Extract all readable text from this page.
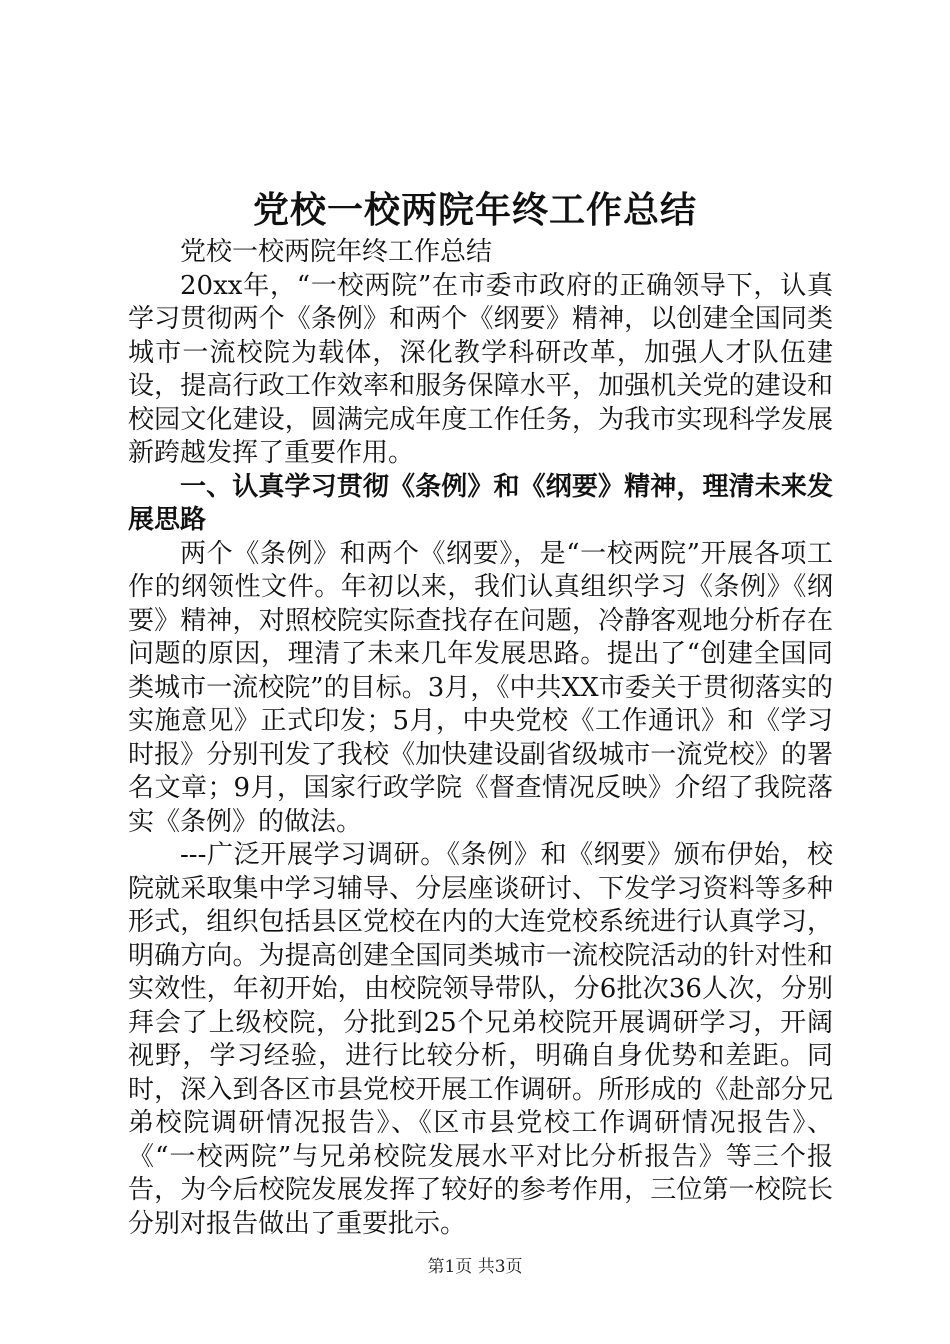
党校一校两院年终工作总结

党校一校两院年终工作总结

20xx年，“一校两院”在市委市政府的正确领导下，认真学习贯彻两个《条例》和两个《纲要》精神，以创建全国同类城市一流校院为载体，深化教学科研改革，加强人才队伍建设，提高行政工作效率和服务保障水平，加强机关党的建设和校园文化建设，圆满完成年度工作任务，为我市实现科学发展新跨越发挥了重要作用。

一、认真学习贯彻《条例》和《纲要》精神，理清未来发展思路

两个《条例》和两个《纲要》，是“一校两院”开展各项工作的纲领性文件。年初以来，我们认真组织学习《条例》《纲要》精神，对照校院实际查找存在问题，冷静客观地分析存在问题的原因，理清了未来几年发展思路。提出了“创建全国同类城市一流校院”的目标。3月，《中共XX市委关于贯彻落实的实施意见》正式印发；5月，中央党校《工作通讯》和《学习时报》分别刊发了我校《加快建设副省级城市一流党校》的署名文章；9月，国家行政学院《督查情况反映》介绍了我院落实《条例》的做法。

---广泛开展学习调研。《条例》和《纲要》颁布伊始，校院就采取集中学习辅导、分层座谈研讨、下发学习资料等多种形式，组织包括县区党校在内的大连党校系统进行认真学习，明确方向。为提高创建全国同类城市一流校院活动的针对性和实效性，年初开始，由校院领导带队，分6批次36人次，分别拜会了上级校院，分批到25个兄弟校院开展调研学习，开阔视野，学习经验，进行比较分析，明确自身优势和差距。同时，深入到各区市县党校开展工作调研。所形成的《赴部分兄弟校院调研情况报告》、《区市县党校工作调研情况报告》、《“一校两院”与兄弟校院发展水平对比分析报告》等三个报告，为今后校院发展发挥了较好的参考作用，三位第一校院长分别对报告做出了重要批示。

第1页 共3页
